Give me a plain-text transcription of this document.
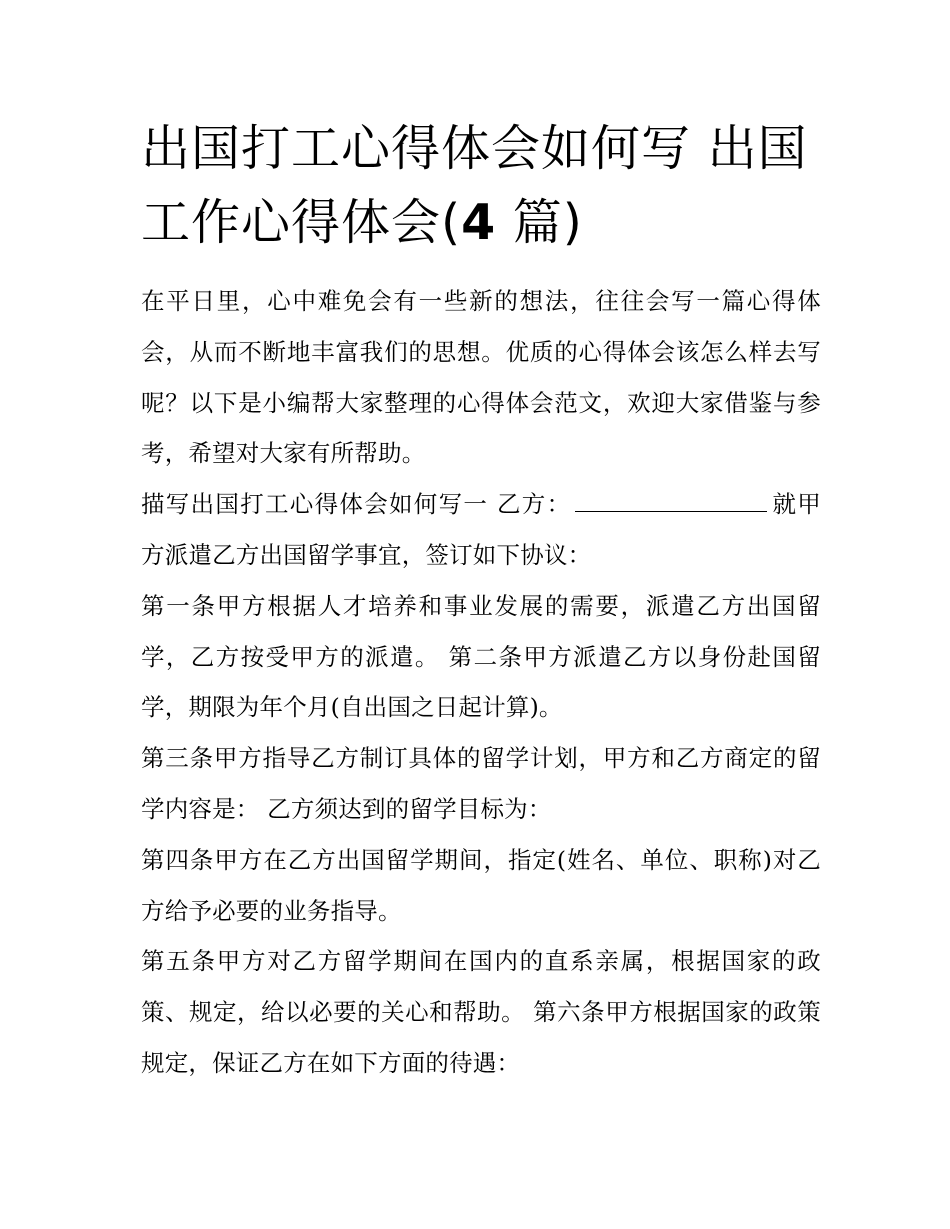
出国打工心得体会如何写 出国
工作心得体会(4 篇)

在平日里，心中难免会有一些新的想法，往往会写一篇心得体会，从而不断地丰富我们的思想。优质的心得体会该怎么样去写呢？以下是小编帮大家整理的心得体会范文，欢迎大家借鉴与参考，希望对大家有所帮助。

描写出国打工心得体会如何写一 乙方：	就甲方派遣乙方出国留学事宜，签订如下协议：

第一条甲方根据人才培养和事业发展的需要，派遣乙方出国留学，乙方按受甲方的派遣。 第二条甲方派遣乙方以身份赴国留学，期限为年个月(自出国之日起计算)。

第三条甲方指导乙方制订具体的留学计划，甲方和乙方商定的留学内容是： 乙方须达到的留学目标为：

第四条甲方在乙方出国留学期间，指定(姓名、单位、职称)对乙方给予必要的业务指导。

第五条甲方对乙方留学期间在国内的直系亲属，根据国家的政策、规定，给以必要的关心和帮助。 第六条甲方根据国家的政策规定，保证乙方在如下方面的待遇：
